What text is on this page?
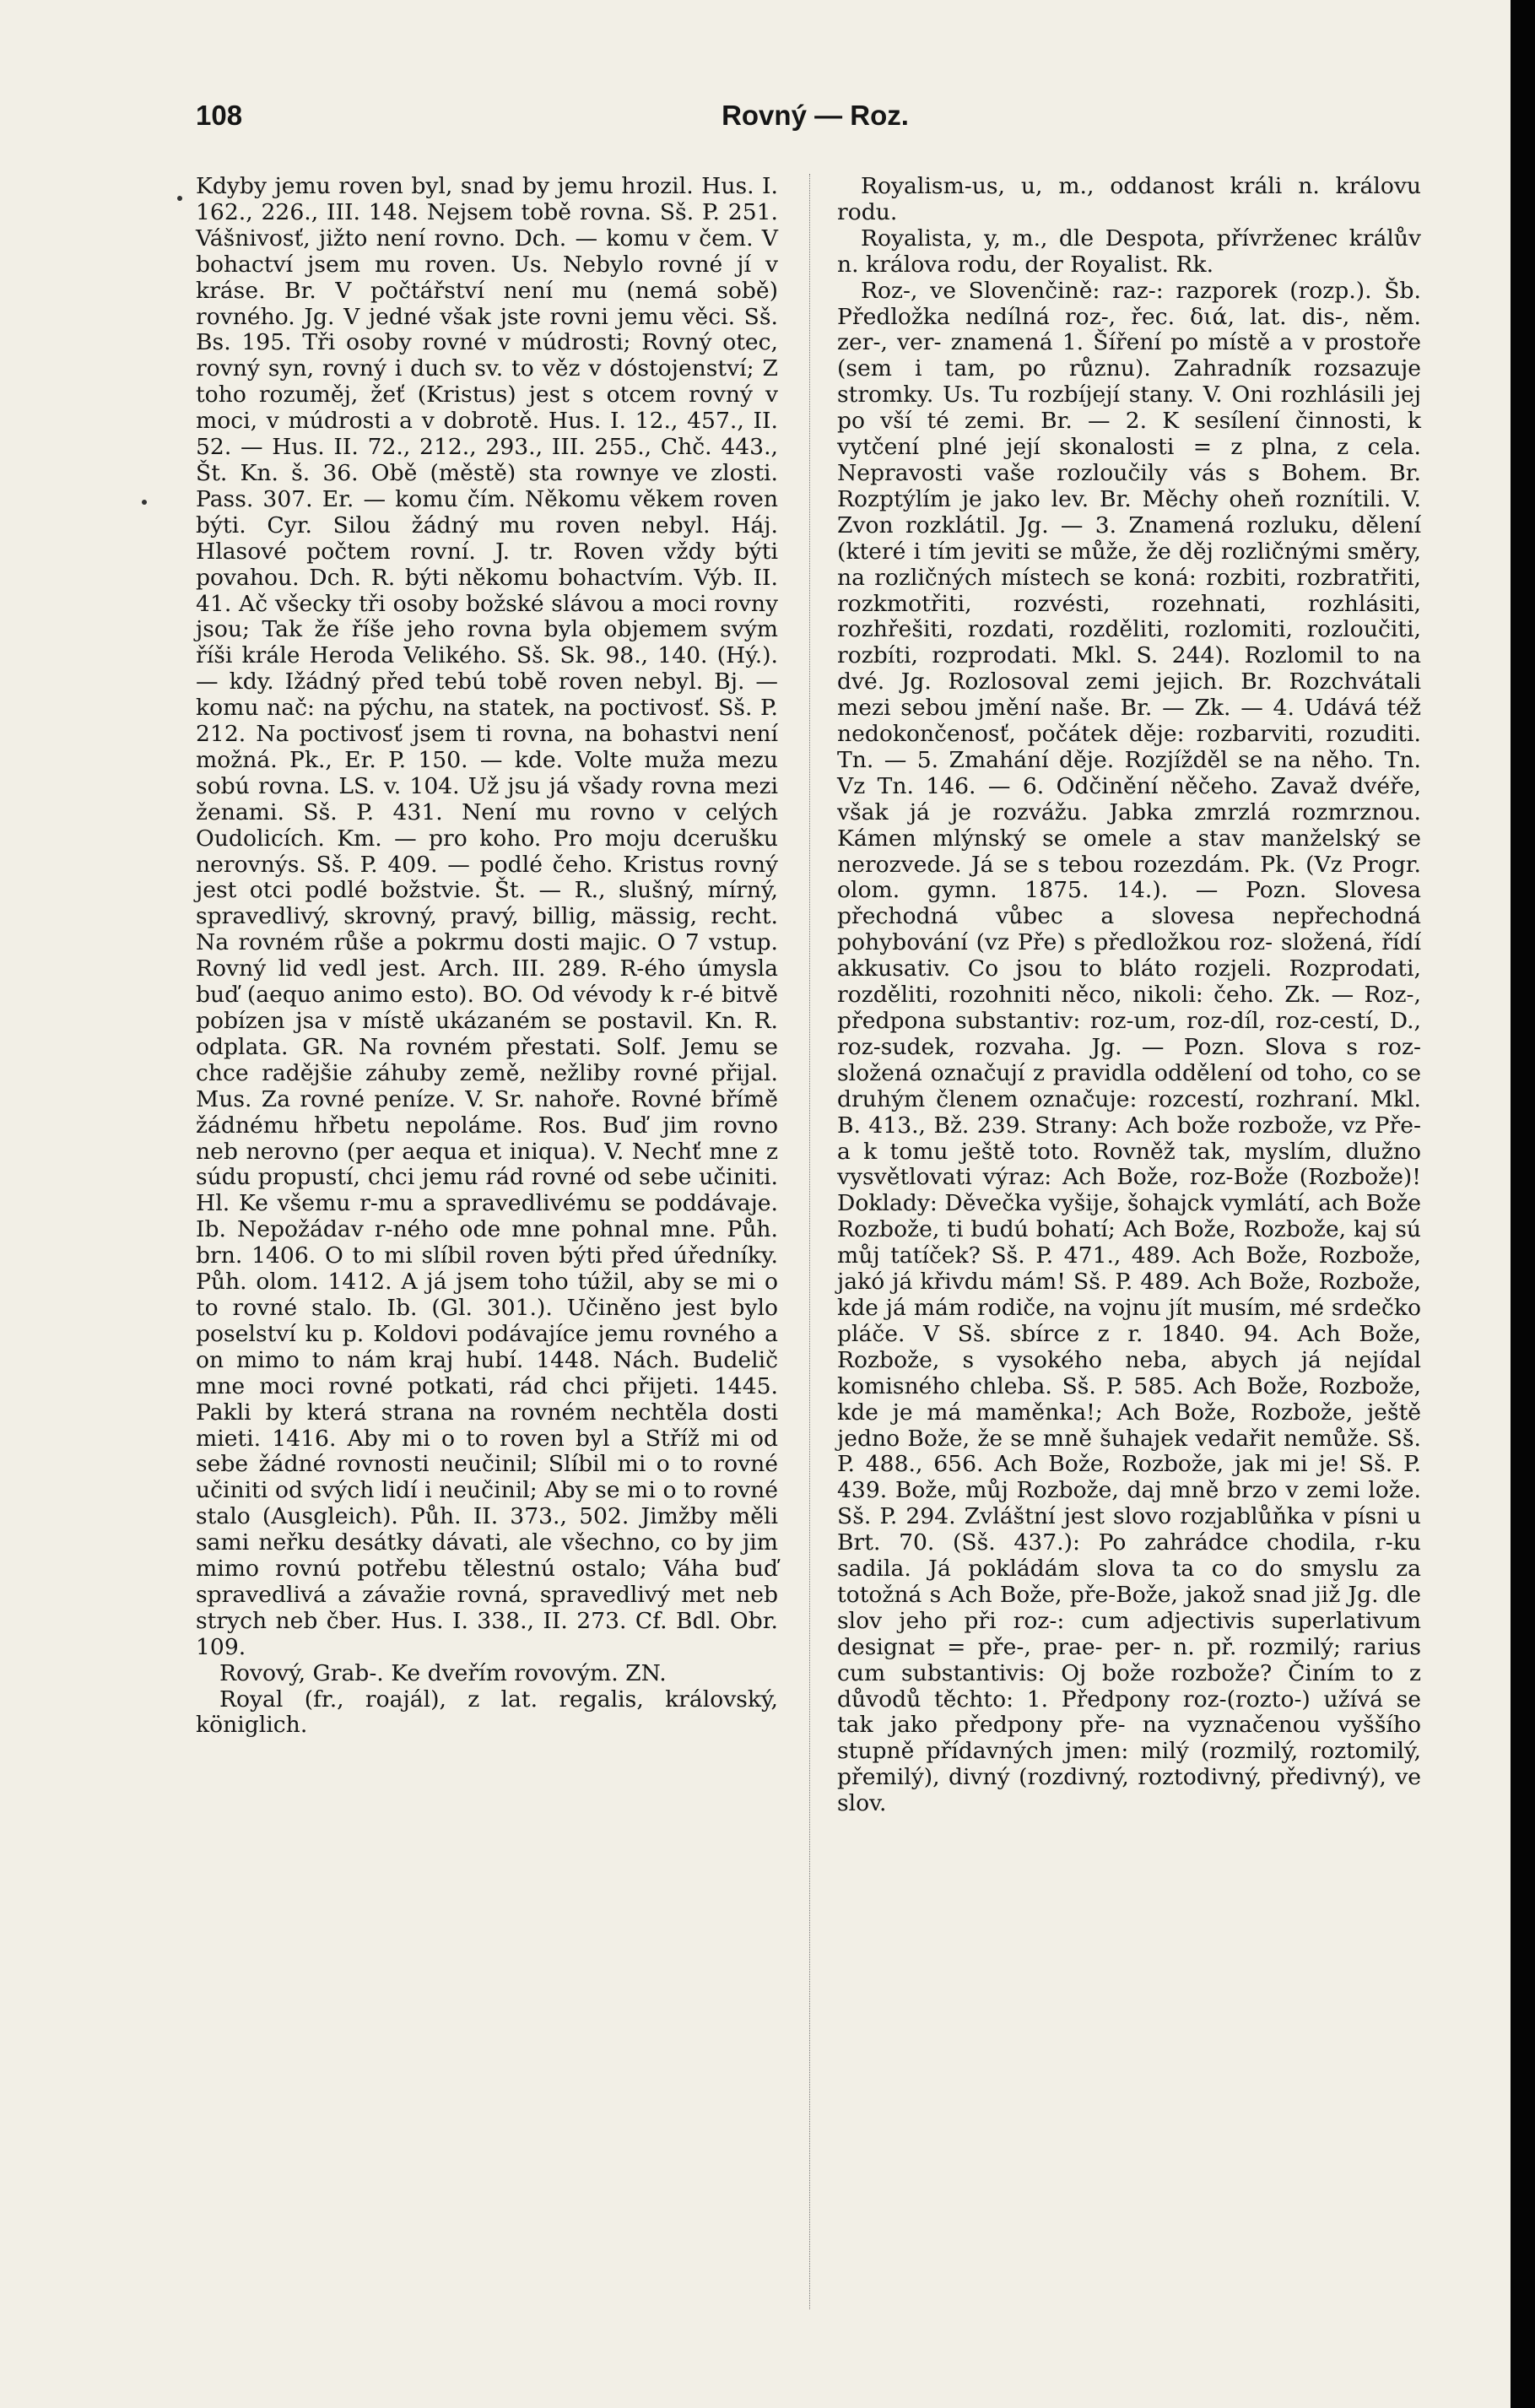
108	Rovný — Roz.

Kdyby jemu roven byl, snad by jemu hrozil. Hus. I. 162., 226., III. 148. Nejsem tobě rovna. Sš. P. 251. Vášnivosť, jižto není rovno. Dch. — komu v čem. V bohactví jsem mu roven. Us. Nebylo rovné jí v kráse. Br. V počtářství není mu (nemá sobě) rovného. Jg. V jedné však jste rovni jemu věci. Sš. Bs. 195. Tři osoby rovné v múdrosti; Rovný otec, rovný syn, rovný i duch sv. to věz v dóstojenství; Z toho rozuměj, žeť (Kristus) jest s otcem rovný v moci, v múdrosti a v dobrotě. Hus. I. 12., 457., II. 52. — Hus. II. 72., 212., 293., III. 255., Chč. 443., Št. Kn. š. 36. Obě (městě) sta rownye ve zlosti. Pass. 307. Er. — komu čím. Někomu věkem roven býti. Cyr. Silou žádný mu roven nebyl. Háj. Hlasové počtem rovní. J. tr. Roven vždy býti povahou. Dch. R. býti někomu bohactvím. Výb. II. 41. Ač všecky tři osoby božské slávou a moci rovny jsou; Tak že říše jeho rovna byla objemem svým říši krále Heroda Velikého. Sš. Sk. 98., 140. (Hý.). — kdy. Ižádný před tebú tobě roven nebyl. Bj. — komu nač: na pýchu, na statek, na poctivosť. Sš. P. 212. Na poctivosť jsem ti rovna, na bohastvi není možná. Pk., Er. P. 150. — kde. Volte muža mezu sobú rovna. LS. v. 104. Už jsu já všady rovna mezi ženami. Sš. P. 431. Není mu rovno v celých Oudolicích. Km. — pro koho. Pro moju dcerušku nerovnýs. Sš. P. 409. — podlé čeho. Kristus rovný jest otci podlé božstvie. Št. — R., slušný, mírný, spravedlivý, skrovný, pravý, billig, mässig, recht. Na rovném růše a pokrmu dosti majic. O 7 vstup. Rovný lid vedl jest. Arch. III. 289. R-ého úmysla buď (aequo animo esto). BO. Od vévody k r-é bitvě pobízen jsa v místě ukázaném se postavil. Kn. R. odplata. GR. Na rovném přestati. Solf. Jemu se chce radějšie záhuby země, nežliby rovné přijal. Mus. Za rovné peníze. V. Sr. nahoře. Rovné břímě žádnému hřbetu nepoláme. Ros. Buď jim rovno neb nerovno (per aequa et iniqua). V. Nechť mne z súdu propustí, chci jemu rád rovné od sebe učiniti. Hl. Ke všemu r-mu a spravedlivému se poddávaje. Ib. Nepožádav r-ného ode mne pohnal mne. Půh. brn. 1406. O to mi slíbil roven býti před úředníky. Půh. olom. 1412. A já jsem toho túžil, aby se mi o to rovné stalo. Ib. (Gl. 301.). Učiněno jest bylo poselství ku p. Koldovi podávajíce jemu rovného a on mimo to nám kraj hubí. 1448. Nách. Budelič mne moci rovné potkati, rád chci přijeti. 1445. Pakli by která strana na rovném nechtěla dosti mieti. 1416. Aby mi o to roven byl a Stříž mi od sebe žádné rovnosti neučinil; Slíbil mi o to rovné učiniti od svých lidí i neučinil; Aby se mi o to rovné stalo (Ausgleich). Půh. II. 373., 502. Jimžby měli sami neřku desátky dávati, ale všechno, co by jim mimo rovnú potřebu tělestnú ostalo; Váha buď spravedlivá a závažie rovná, spravedlivý met neb strych neb čber. Hus. I. 338., II. 273. Cf. Bdl. Obr. 109.

Rovový, Grab-. Ke dveřím rovovým. ZN.

Royal (fr., roajál), z lat. regalis, královský, königlich.

Royalism-us, u, m., oddanost králi n. královu rodu.

Royalista, y, m., dle Despota, přívrženec králův n. králova rodu, der Royalist. Rk.

Roz-, ve Slovenčině: raz-: razporek (rozp.). Šb. Předložka nedílná roz-, řec. διά, lat. dis-, něm. zer-, ver- znamená 1. Šíření po místě a v prostoře (sem i tam, po různu). Zahradník rozsazuje stromky. Us. Tu rozbíjejí stany. V. Oni rozhlásili jej po vší té zemi. Br. — 2. K sesílení činnosti, k vytčení plné její skonalosti = z plna, z cela. Nepravosti vaše rozloučily vás s Bohem. Br. Rozptýlím je jako lev. Br. Měchy oheň roznítili. V. Zvon rozklátil. Jg. — 3. Znamená rozluku, dělení (které i tím jeviti se může, že děj rozličnými směry, na rozličných místech se koná: rozbiti, rozbratřiti, rozkmotřiti, rozvésti, rozehnati, rozhlásiti, rozhřešiti, rozdati, rozděliti, rozlomiti, rozloučiti, rozbíti, rozprodati. Mkl. S. 244). Rozlomil to na dvé. Jg. Rozlosoval zemi jejich. Br. Rozchvátali mezi sebou jmění naše. Br. — Zk. — 4. Udává též nedokončenosť, počátek děje: rozbarviti, rozuditi. Tn. — 5. Zmahání děje. Rozjížděl se na něho. Tn. Vz Tn. 146. — 6. Odčinění něčeho. Zavaž dvéře, však já je rozvážu. Jabka zmrzlá rozmrznou. Kámen mlýnský se omele a stav manželský se nerozvede. Já se s tebou rozezdám. Pk. (Vz Progr. olom. gymn. 1875. 14.). — Pozn. Slovesa přechodná vůbec a slovesa nepřechodná pohybování (vz Pře) s předložkou roz- složená, řídí akkusativ. Co jsou to bláto rozjeli. Rozprodati, rozděliti, rozohniti něco, nikoli: čeho. Zk. — Roz-, předpona substantiv: roz-um, roz-díl, roz-cestí, D., roz-sudek, rozvaha. Jg. — Pozn. Slova s roz- složená označují z pravidla oddělení od toho, co se druhým členem označuje: rozcestí, rozhraní. Mkl. B. 413., Bž. 239. Strany: Ach bože rozbože, vz Pře- a k tomu ještě toto. Rovněž tak, myslím, dlužno vysvětlovati výraz: Ach Bože, roz-Bože (Rozbože)! Doklady: Děvečka vyšije, šohajck vymlátí, ach Bože Rozbože, ti budú bohatí; Ach Bože, Rozbože, kaj sú můj tatíček? Sš. P. 471., 489. Ach Bože, Rozbože, jakó já křivdu mám! Sš. P. 489. Ach Bože, Rozbože, kde já mám rodiče, na vojnu jít musím, mé srdečko pláče. V Sš. sbírce z r. 1840. 94. Ach Bože, Rozbože, s vysokého neba, abych já nejídal komisného chleba. Sš. P. 585. Ach Bože, Rozbože, kde je má maměnka!; Ach Bože, Rozbože, ještě jedno Bože, že se mně šuhajek vedařit nemůže. Sš. P. 488., 656. Ach Bože, Rozbože, jak mi je! Sš. P. 439. Bože, můj Rozbože, daj mně brzo v zemi lože. Sš. P. 294. Zvláštní jest slovo rozjablůňka v písni u Brt. 70. (Sš. 437.): Po zahrádce chodila, r-ku sadila. Já pokládám slova ta co do smyslu za totožná s Ach Bože, pře-Bože, jakož snad již Jg. dle slov jeho při roz-: cum adjectivis superlativum designat = pře-, prae- per- n. př. rozmilý; rarius cum substantivis: Oj bože rozbože? Činím to z důvodů těchto: 1. Předpony roz-(rozto-) užívá se tak jako předpony pře- na vyznačenou vyššího stupně přídavných jmen: milý (rozmilý, roztomilý, přemilý), divný (rozdivný, roztodivný, předivný), ve slov.
